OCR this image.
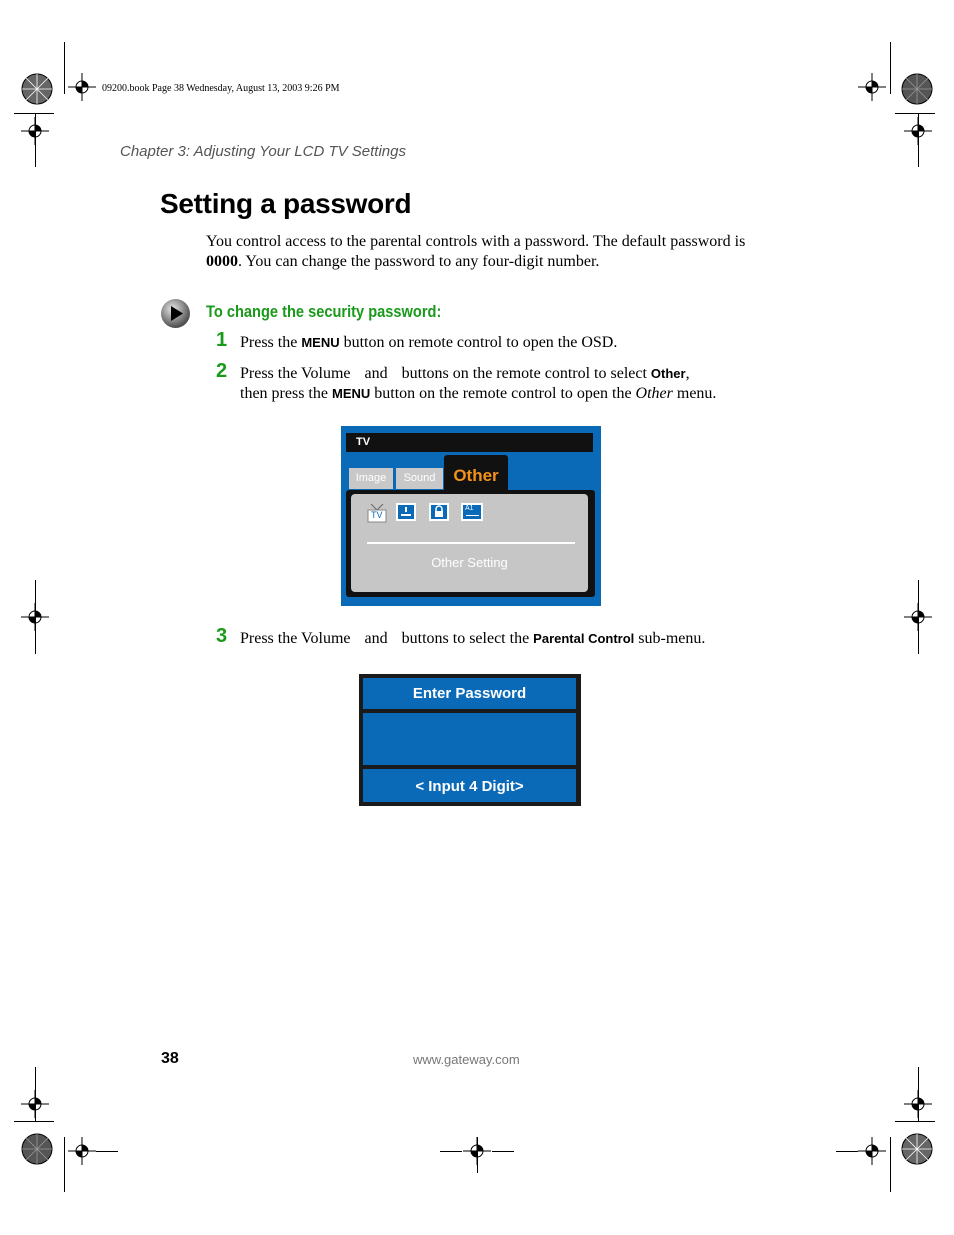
09200.book Page 38 Wednesday, August 13, 2003 9:26 PM
Chapter 3: Adjusting Your LCD TV Settings
Setting a password
You control access to the parental controls with a password. The default password is 0000. You can change the password to any four-digit number.
To change the security password:
1 Press the MENU button on remote control to open the OSD.
2 Press the Volume and buttons on the remote control to select Other,
then press the MENU button on the remote control to open the Other menu.
TV
Image	Sound	Other
TV
A1
Other Setting
3 Press the Volume and buttons to select the Parental Control sub-menu.
Enter Password
< Input 4 Digit>
38	www.gateway.com
